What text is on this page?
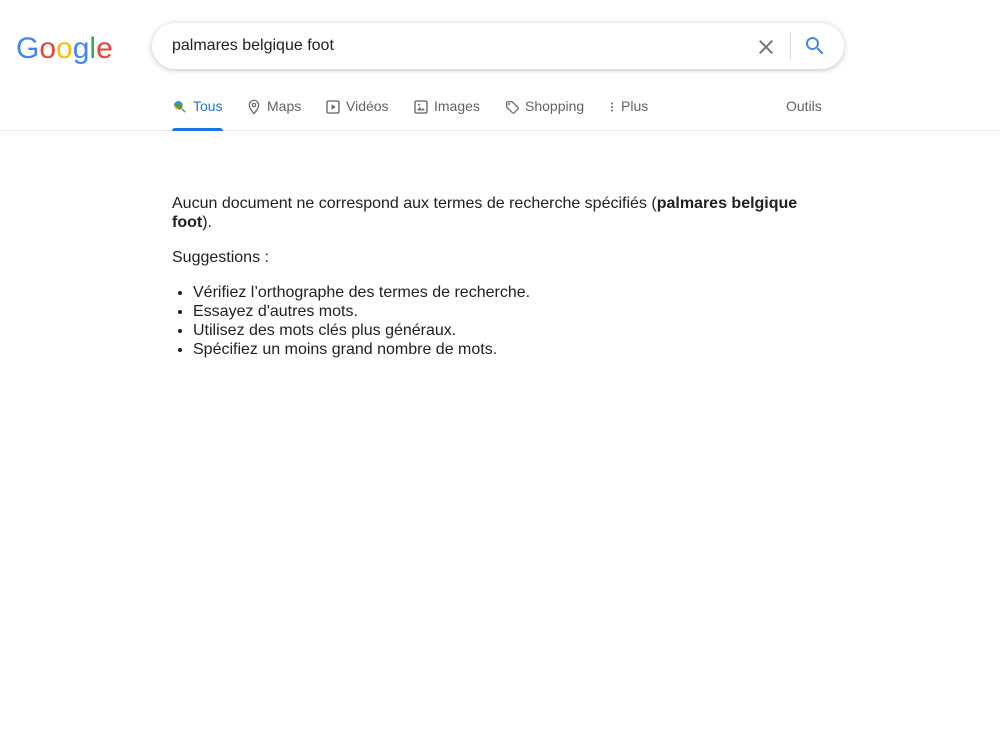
Google
palmares belgique foot
Tous	Maps	Vidéos	Images	Shopping	Plus	Outils

Aucun document ne correspond aux termes de recherche spécifiés (palmares belgique foot).

Suggestions :

• Vérifiez l’orthographe des termes de recherche.
• Essayez d'autres mots.
• Utilisez des mots clés plus généraux.
• Spécifiez un moins grand nombre de mots.
